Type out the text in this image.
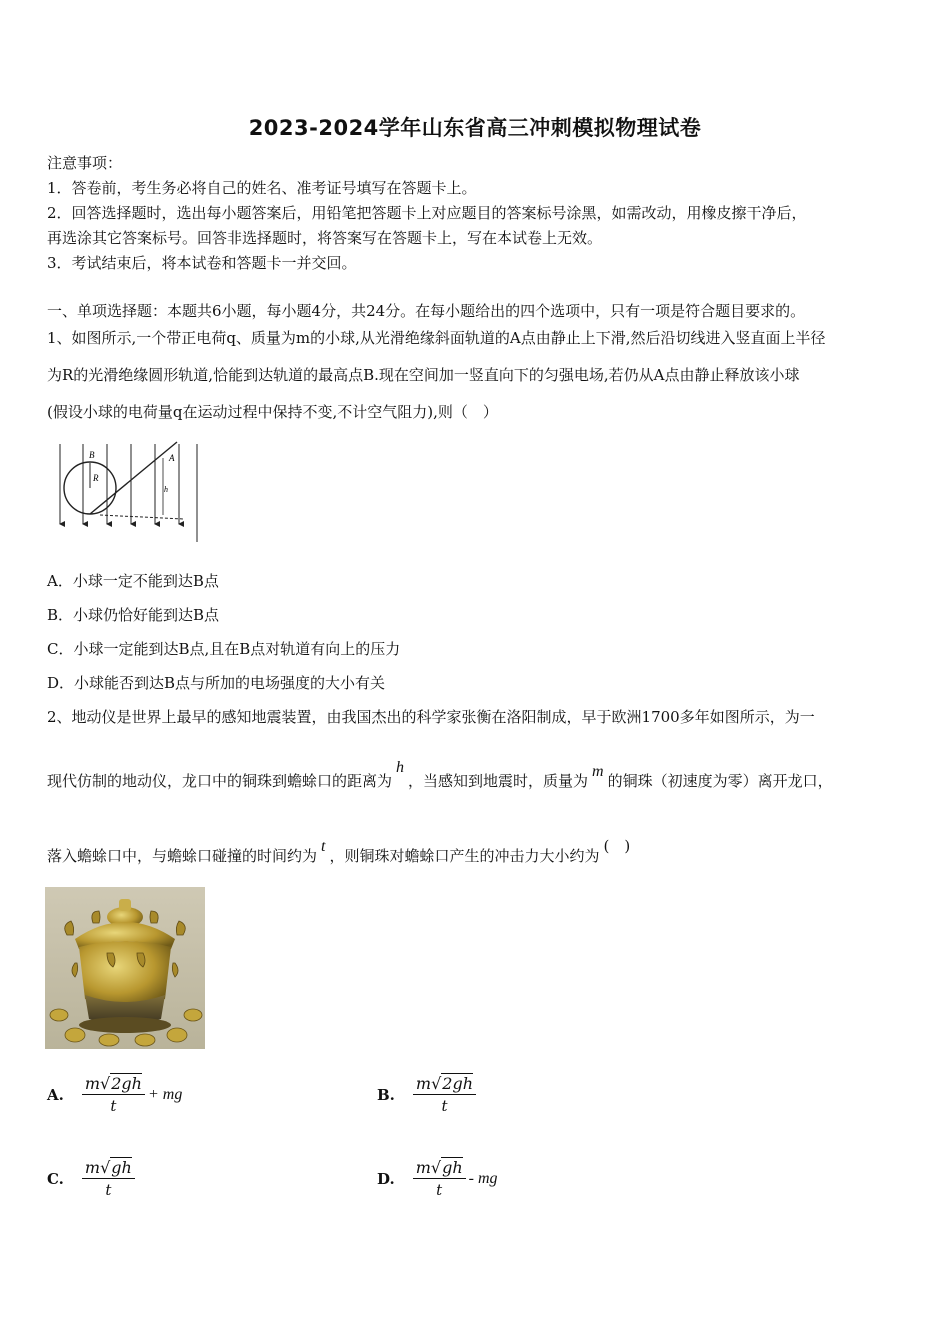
2023-2024学年山东省高三冲刺模拟物理试卷
注意事项：
1．答卷前，考生务必将自己的姓名、准考证号填写在答题卡上。
2．回答选择题时，选出每小题答案后，用铅笔把答题卡上对应题目的答案标号涂黑，如需改动，用橡皮擦干净后，
再选涂其它答案标号。回答非选择题时，将答案写在答题卡上，写在本试卷上无效。
3．考试结束后，将本试卷和答题卡一并交回。
一、单项选择题：本题共6小题，每小题4分，共24分。在每小题给出的四个选项中，只有一项是符合题目要求的。
1、如图所示,一个带正电荷q、质量为m的小球,从光滑绝缘斜面轨道的A点由静止上下滑,然后沿切线进入竖直面上半径
为R的光滑绝缘圆形轨道,恰能到达轨道的最高点B.现在空间加一竖直向下的匀强电场,若仍从A点由静止释放该小球
(假设小球的电荷量q在运动过程中保持不变,不计空气阻力),则（　）
B
R
A
h
A．小球一定不能到达B点
B．小球仍恰好能到达B点
C．小球一定能到达B点,且在B点对轨道有向上的压力
D．小球能否到达B点与所加的电场强度的大小有关
2、地动仪是世界上最早的感知地震装置，由我国杰出的科学家张衡在洛阳制成，早于欧洲1700多年如图所示，为一
现代仿制的地动仪，龙口中的铜珠到蟾蜍口的距离为h，当感知到地震时，质量为m的铜珠（初速度为零）离开龙口，
落入蟾蜍口中，与蟾蜍口碰撞的时间约为t，则铜珠对蟾蜍口产生的冲击力大小约为(　)
A. $\frac{m√2gh}{t}$ + mg	B. $\frac{m√2gh}{t}$
C. $\frac{m√gh}{t}$	D. $\frac{m√gh}{t}$ - mg
